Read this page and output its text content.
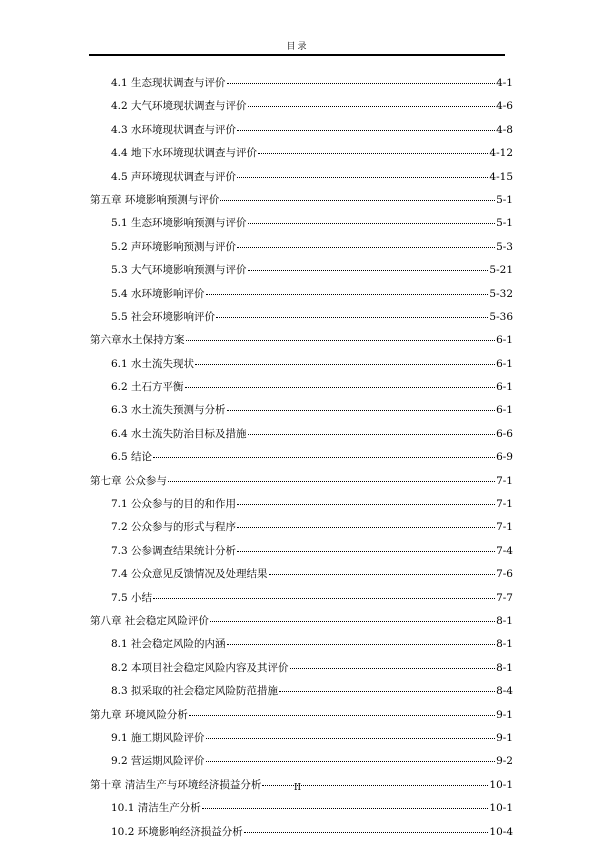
目录
4.1 生态现状调查与评价	4-1
4.2 大气环境现状调查与评价	4-6
4.3 水环境现状调查与评价	4-8
4.4 地下水环境现状调查与评价	4-12
4.5 声环境现状调查与评价	4-15
第五章 环境影响预测与评价	5-1
5.1 生态环境影响预测与评价	5-1
5.2 声环境影响预测与评价	5-3
5.3 大气环境影响预测与评价	5-21
5.4 水环境影响评价	5-32
5.5 社会环境影响评价	5-36
第六章水土保持方案	6-1
6.1 水土流失现状	6-1
6.2 土石方平衡	6-1
6.3 水土流失预测与分析	6-1
6.4 水土流失防治目标及措施	6-6
6.5 结论	6-9
第七章 公众参与	7-1
7.1 公众参与的目的和作用	7-1
7.2 公众参与的形式与程序	7-1
7.3 公参调查结果统计分析	7-4
7.4 公众意见反馈情况及处理结果	7-6
7.5 小结	7-7
第八章 社会稳定风险评价	8-1
8.1 社会稳定风险的内涵	8-1
8.2 本项目社会稳定风险内容及其评价	8-1
8.3 拟采取的社会稳定风险防范措施	8-4
第九章 环境风险分析	9-1
9.1 施工期风险评价	9-1
9.2 营运期风险评价	9-2
第十章 清洁生产与环境经济损益分析	10-1
10.1 清洁生产分析	10-1
10.2 环境影响经济损益分析	10-4
II
